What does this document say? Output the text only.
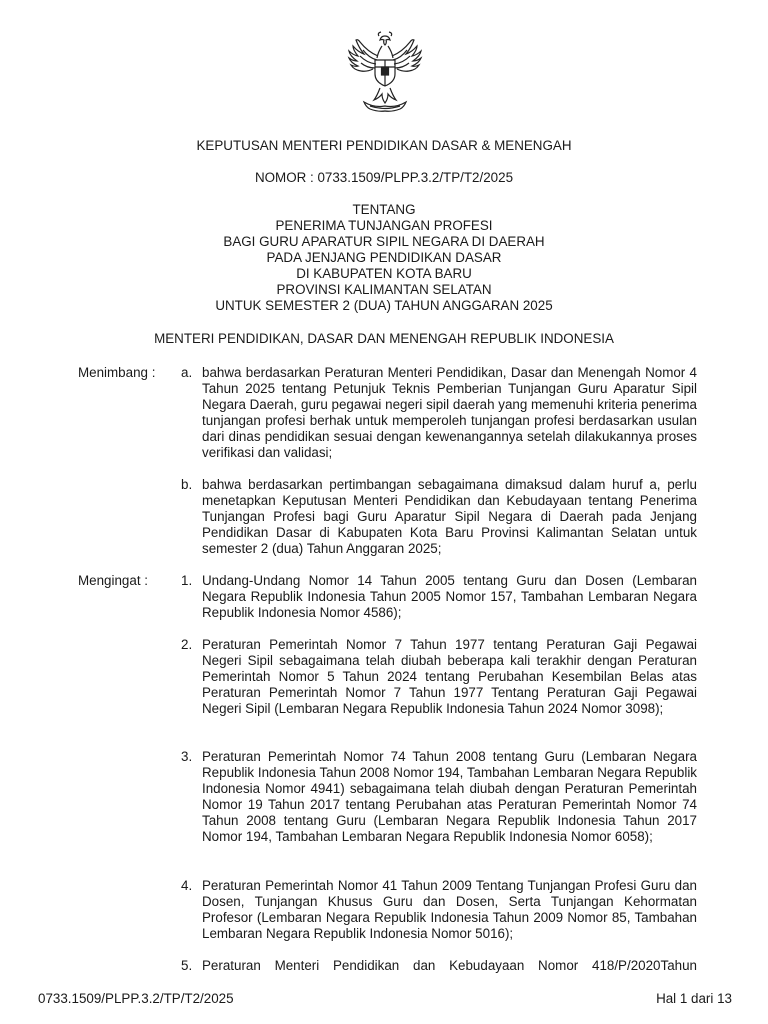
KEPUTUSAN MENTERI PENDIDIKAN DASAR & MENENGAH
NOMOR : 0733.1509/PLPP.3.2/TP/T2/2025
TENTANG
PENERIMA TUNJANGAN PROFESI
BAGI GURU APARATUR SIPIL NEGARA DI DAERAH
PADA JENJANG PENDIDIKAN DASAR
DI KABUPATEN KOTA BARU
PROVINSI KALIMANTAN SELATAN
UNTUK SEMESTER 2 (DUA) TAHUN ANGGARAN 2025
MENTERI PENDIDIKAN, DASAR DAN MENENGAH REPUBLIK INDONESIA
Menimbang : a. bahwa berdasarkan Peraturan Menteri Pendidikan, Dasar dan Menengah Nomor 4 Tahun 2025 tentang Petunjuk Teknis Pemberian Tunjangan Guru Aparatur Sipil Negara Daerah, guru pegawai negeri sipil daerah yang memenuhi kriteria penerima tunjangan profesi berhak untuk memperoleh tunjangan profesi berdasarkan usulan dari dinas pendidikan sesuai dengan kewenangannya setelah dilakukannya proses verifikasi dan validasi;
b. bahwa berdasarkan pertimbangan sebagaimana dimaksud dalam huruf a, perlu menetapkan Keputusan Menteri Pendidikan dan Kebudayaan tentang Penerima Tunjangan Profesi bagi Guru Aparatur Sipil Negara di Daerah pada Jenjang Pendidikan Dasar di Kabupaten Kota Baru Provinsi Kalimantan Selatan untuk semester 2 (dua) Tahun Anggaran 2025;
Mengingat : 1. Undang-Undang Nomor 14 Tahun 2005 tentang Guru dan Dosen (Lembaran Negara Republik Indonesia Tahun 2005 Nomor 157, Tambahan Lembaran Negara Republik Indonesia Nomor 4586);
2. Peraturan Pemerintah Nomor 7 Tahun 1977 tentang Peraturan Gaji Pegawai Negeri Sipil sebagaimana telah diubah beberapa kali terakhir dengan Peraturan Pemerintah Nomor 5 Tahun 2024 tentang Perubahan Kesembilan Belas atas Peraturan Pemerintah Nomor 7 Tahun 1977 Tentang Peraturan Gaji Pegawai Negeri Sipil (Lembaran Negara Republik Indonesia Tahun 2024 Nomor 3098);
3. Peraturan Pemerintah Nomor 74 Tahun 2008 tentang Guru (Lembaran Negara Republik Indonesia Tahun 2008 Nomor 194, Tambahan Lembaran Negara Republik Indonesia Nomor 4941) sebagaimana telah diubah dengan Peraturan Pemerintah Nomor 19 Tahun 2017 tentang Perubahan atas Peraturan Pemerintah Nomor 74 Tahun 2008 tentang Guru (Lembaran Negara Republik Indonesia Tahun 2017 Nomor 194, Tambahan Lembaran Negara Republik Indonesia Nomor 6058);
4. Peraturan Pemerintah Nomor 41 Tahun 2009 Tentang Tunjangan Profesi Guru dan Dosen, Tunjangan Khusus Guru dan Dosen, Serta Tunjangan Kehormatan Profesor (Lembaran Negara Republik Indonesia Tahun 2009 Nomor 85, Tambahan Lembaran Negara Republik Indonesia Nomor 5016);
5. Peraturan Menteri Pendidikan dan Kebudayaan Nomor 418/P/2020Tahun
0733.1509/PLPP.3.2/TP/T2/2025	Hal 1 dari 13
